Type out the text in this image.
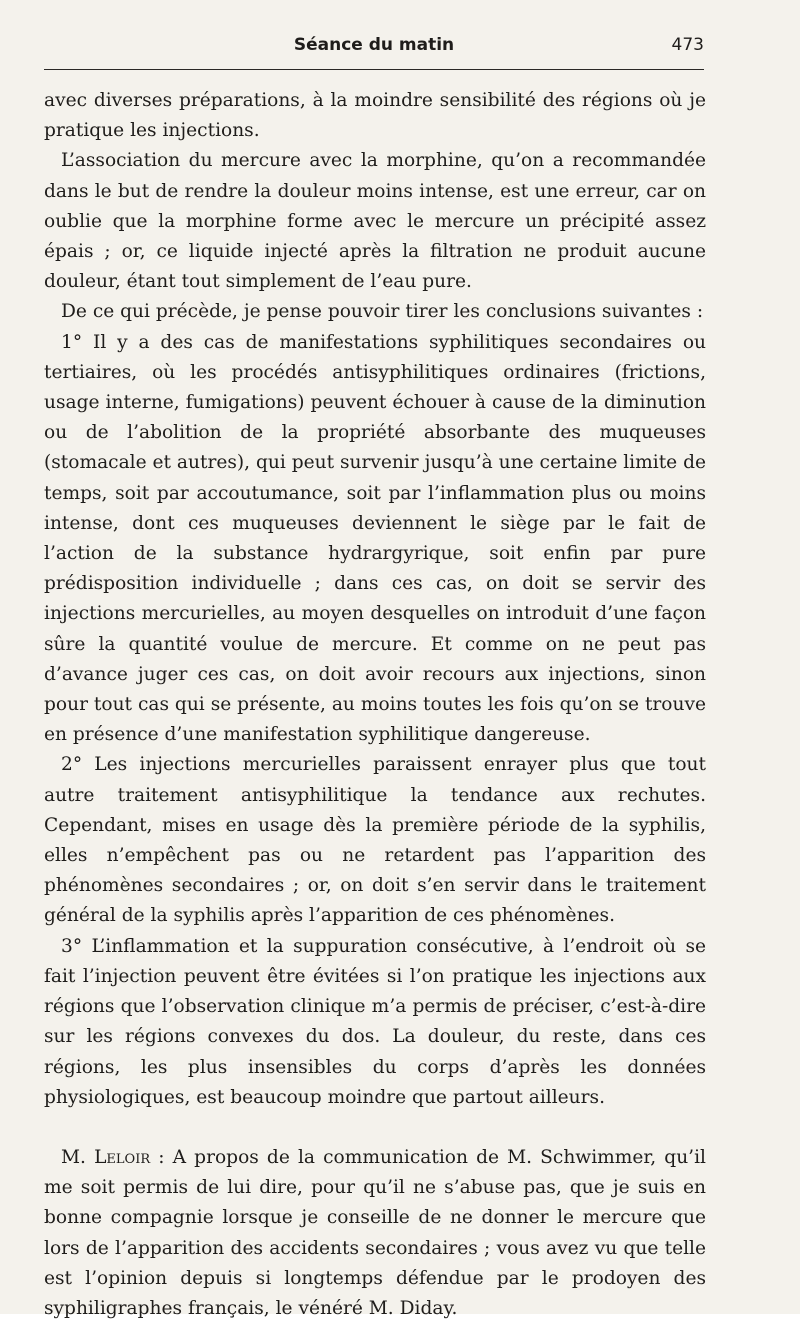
Séance du matin	473

avec diverses préparations, à la moindre sensibilité des régions où je pratique les injections.

L’association du mercure avec la morphine, qu’on a recommandée dans le but de rendre la douleur moins intense, est une erreur, car on oublie que la morphine forme avec le mercure un précipité assez épais ; or, ce liquide injecté après la filtration ne produit aucune douleur, étant tout simplement de l’eau pure.

De ce qui précède, je pense pouvoir tirer les conclusions suivantes :

1° Il y a des cas de manifestations syphilitiques secondaires ou tertiaires, où les procédés antisyphilitiques ordinaires (frictions, usage interne, fumigations) peuvent échouer à cause de la diminution ou de l’abolition de la propriété absorbante des muqueuses (stomacale et autres), qui peut survenir jusqu’à une certaine limite de temps, soit par accoutumance, soit par l’inflammation plus ou moins intense, dont ces muqueuses deviennent le siège par le fait de l’action de la substance hydrargyrique, soit enfin par pure prédisposition individuelle ; dans ces cas, on doit se servir des injections mercurielles, au moyen desquelles on introduit d’une façon sûre la quantité voulue de mercure. Et comme on ne peut pas d’avance juger ces cas, on doit avoir recours aux injections, sinon pour tout cas qui se présente, au moins toutes les fois qu’on se trouve en présence d’une manifestation syphilitique dangereuse.

2° Les injections mercurielles paraissent enrayer plus que tout autre traitement antisyphilitique la tendance aux rechutes. Cependant, mises en usage dès la première période de la syphilis, elles n’empêchent pas ou ne retardent pas l’apparition des phénomènes secondaires ; or, on doit s’en servir dans le traitement général de la syphilis après l’apparition de ces phénomènes.

3° L’inflammation et la suppuration consécutive, à l’endroit où se fait l’injection peuvent être évitées si l’on pratique les injections aux régions que l’observation clinique m’a permis de préciser, c’est-à-dire sur les régions convexes du dos. La douleur, du reste, dans ces régions, les plus insensibles du corps d’après les données physiologiques, est beaucoup moindre que partout ailleurs.

M. Leloir : A propos de la communication de M. Schwimmer, qu’il me soit permis de lui dire, pour qu’il ne s’abuse pas, que je suis en bonne compagnie lorsque je conseille de ne donner le mercure que lors de l’apparition des accidents secondaires ; vous avez vu que telle est l’opinion depuis si longtemps défendue par le prodoyen des syphiligraphes français, le vénéré M. Diday.
